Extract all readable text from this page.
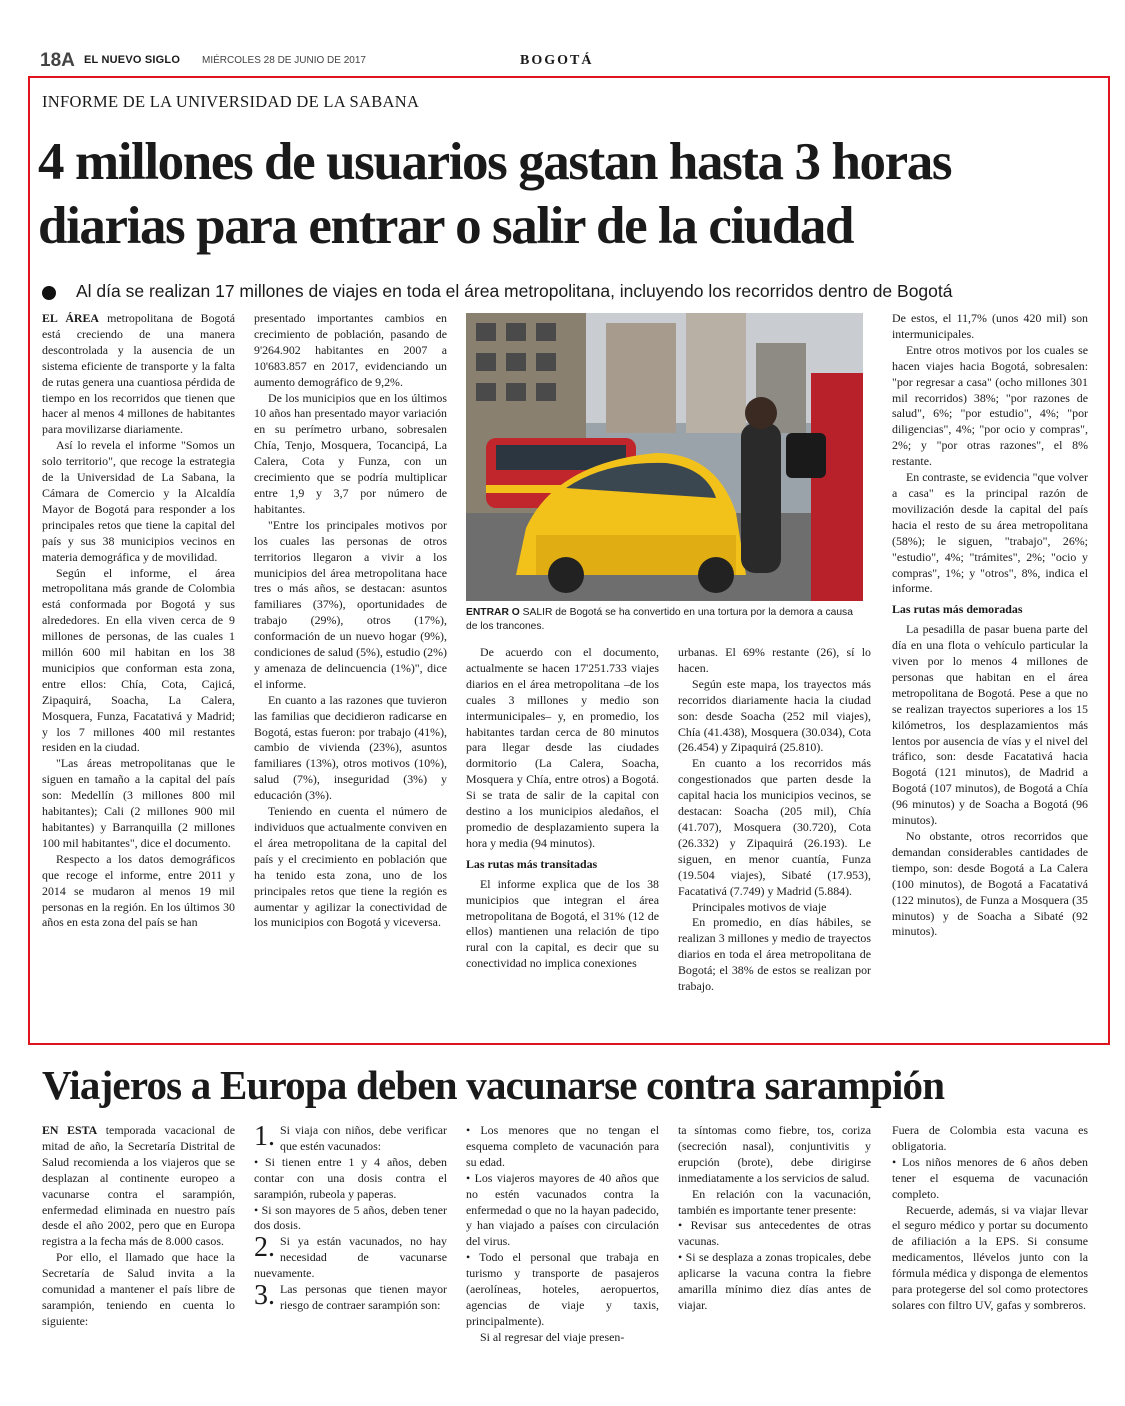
18A EL NUEVO SIGLO MIÉRCOLES 28 DE JUNIO DE 2017	BOGOTÁ
INFORME DE LA UNIVERSIDAD DE LA SABANA
4 millones de usuarios gastan hasta 3 horas
diarias para entrar o salir de la ciudad
Al día se realizan 17 millones de viajes en toda el área metropolitana, incluyendo los recorridos dentro de Bogotá

EL ÁREA metropolitana de Bogotá está creciendo de una manera descontrolada y la ausencia de un sistema eficiente de transporte y la falta de rutas genera una cuantiosa pérdida de tiempo en los recorridos que tienen que hacer al menos 4 millones de habitantes para movilizarse diariamente.

Así lo revela el informe "Somos un solo territorio", que recoge la estrategia de la Universidad de La Sabana, la Cámara de Comercio y la Alcaldía Mayor de Bogotá para responder a los principales retos que tiene la capital del país y sus 38 municipios vecinos en materia demográfica y de movilidad.

Según el informe, el área metropolitana más grande de Colombia está conformada por Bogotá y sus alrededores. En ella viven cerca de 9 millones de personas, de las cuales 1 millón 600 mil habitan en los 38 municipios que conforman esta zona, entre ellos: Chía, Cota, Cajicá, Zipaquirá, Soacha, La Calera, Mosquera, Funza, Facatativá y Madrid; y los 7 millones 400 mil restantes residen en la ciudad.

"Las áreas metropolitanas que le siguen en tamaño a la capital del país son: Medellín (3 millones 800 mil habitantes); Cali (2 millones 900 mil habitantes) y Barranquilla (2 millones 100 mil habitantes", dice el documento.

Respecto a los datos demográficos que recoge el informe, entre 2011 y 2014 se mudaron al menos 19 mil personas en la región. En los últimos 30 años en esta zona del país se han

presentado importantes cambios en crecimiento de población, pasando de 9'264.902 habitantes en 2007 a 10'683.857 en 2017, evidenciando un aumento demográfico de 9,2%.

De los municipios que en los últimos 10 años han presentado mayor variación en su perímetro urbano, sobresalen Chía, Tenjo, Mosquera, Tocancipá, La Calera, Cota y Funza, con un crecimiento que se podría multiplicar entre 1,9 y 3,7 por número de habitantes.

"Entre los principales motivos por los cuales las personas de otros territorios llegaron a vivir a los municipios del área metropolitana hace tres o más años, se destacan: asuntos familiares (37%), oportunidades de trabajo (29%), otros (17%), conformación de un nuevo hogar (9%), condiciones de salud (5%), estudio (2%) y amenaza de delincuencia (1%)", dice el informe.

En cuanto a las razones que tuvieron las familias que decidieron radicarse en Bogotá, estas fueron: por trabajo (41%), cambio de vivienda (23%), asuntos familiares (13%), otros motivos (10%), salud (7%), inseguridad (3%) y educación (3%).

Teniendo en cuenta el número de individuos que actualmente conviven en el área metropolitana de la capital del país y el crecimiento en población que ha tenido esta zona, uno de los principales retos que tiene la región es aumentar y agilizar la conectividad de los municipios con Bogotá y viceversa.

ENTRAR O SALIR de Bogotá se ha convertido en una tortura por la demora a causa de los trancones.

De acuerdo con el documento, actualmente se hacen 17'251.733 viajes diarios en el área metropolitana –de los cuales 3 millones y medio son intermunicipales– y, en promedio, los habitantes tardan cerca de 80 minutos para llegar desde las ciudades dormitorio (La Calera, Soacha, Mosquera y Chía, entre otros) a Bogotá. Si se trata de salir de la capital con destino a los municipios aledaños, el promedio de desplazamiento supera la hora y media (94 minutos).

Las rutas más transitadas

El informe explica que de los 38 municipios que integran el área metropolitana de Bogotá, el 31% (12 de ellos) mantienen una relación de tipo rural con la capital, es decir que su conectividad no implica conexiones

urbanas. El 69% restante (26), sí lo hacen.

Según este mapa, los trayectos más recorridos diariamente hacia la ciudad son: desde Soacha (252 mil viajes), Chía (41.438), Mosquera (30.034), Cota (26.454) y Zipaquirá (25.810).

En cuanto a los recorridos más congestionados que parten desde la capital hacia los municipios vecinos, se destacan: Soacha (205 mil), Chía (41.707), Mosquera (30.720), Cota (26.332) y Zipaquirá (26.193). Le siguen, en menor cuantía, Funza (19.504 viajes), Sibaté (17.953), Facatativá (7.749) y Madrid (5.884).

Principales motivos de viaje

En promedio, en días hábiles, se realizan 3 millones y medio de trayectos diarios en toda el área metropolitana de Bogotá; el 38% de estos se realizan por trabajo.

De estos, el 11,7% (unos 420 mil) son intermunicipales.

Entre otros motivos por los cuales se hacen viajes hacia Bogotá, sobresalen: "por regresar a casa" (ocho millones 301 mil recorridos) 38%; "por razones de salud", 6%; "por estudio", 4%; "por diligencias", 4%; "por ocio y compras", 2%; y "por otras razones", el 8% restante.

En contraste, se evidencia "que volver a casa" es la principal razón de movilización desde la capital del país hacia el resto de su área metropolitana (58%); le siguen, "trabajo", 26%; "estudio", 4%; "trámites", 2%; "ocio y compras", 1%; y "otros", 8%, indica el informe.

Las rutas más demoradas

La pesadilla de pasar buena parte del día en una flota o vehículo particular la viven por lo menos 4 millones de personas que habitan en el área metropolitana de Bogotá. Pese a que no se realizan trayectos superiores a los 15 kilómetros, los desplazamientos más lentos por ausencia de vías y el nivel del tráfico, son: desde Facatativá hacia Bogotá (121 minutos), de Madrid a Bogotá (107 minutos), de Bogotá a Chía (96 minutos) y de Soacha a Bogotá (96 minutos).

No obstante, otros recorridos que demandan considerables cantidades de tiempo, son: desde Bogotá a La Calera (100 minutos), de Bogotá a Facatativá (122 minutos), de Funza a Mosquera (35 minutos) y de Soacha a Sibaté (92 minutos).

Viajeros a Europa deben vacunarse contra sarampión

EN ESTA temporada vacacional de mitad de año, la Secretaría Distrital de Salud recomienda a los viajeros que se desplazan al continente europeo a vacunarse contra el sarampión, enfermedad eliminada en nuestro país desde el año 2002, pero que en Europa registra a la fecha más de 8.000 casos.

Por ello, el llamado que hace la Secretaría de Salud invita a la comunidad a mantener el país libre de sarampión, teniendo en cuenta lo siguiente:

1. Si viaja con niños, debe verificar que estén vacunados:

• Si tienen entre 1 y 4 años, deben contar con una dosis contra el sarampión, rubeola y paperas.

• Si son mayores de 5 años, deben tener dos dosis.

2. Si ya están vacunados, no hay necesidad de vacunarse nuevamente.

3. Las personas que tienen mayor riesgo de contraer sarampión son:

• Los menores que no tengan el esquema completo de vacunación para su edad.

• Los viajeros mayores de 40 años que no estén vacunados contra la enfermedad o que no la hayan padecido, y han viajado a países con circulación del virus.

• Todo el personal que trabaja en turismo y transporte de pasajeros (aerolíneas, hoteles, aeropuertos, agencias de viaje y taxis, principalmente).

Si al regresar del viaje presen-

ta síntomas como fiebre, tos, coriza (secreción nasal), conjuntivitis y erupción (brote), debe dirigirse inmediatamente a los servicios de salud.

En relación con la vacunación, también es importante tener presente:

• Revisar sus antecedentes de otras vacunas.

• Si se desplaza a zonas tropicales, debe aplicarse la vacuna contra la fiebre amarilla mínimo diez días antes de viajar.

Fuera de Colombia esta vacuna es obligatoria.

• Los niños menores de 6 años deben tener el esquema de vacunación completo.

Recuerde, además, si va viajar llevar el seguro médico y portar su documento de afiliación a la EPS. Si consume medicamentos, llévelos junto con la fórmula médica y disponga de elementos para protegerse del sol como protectores solares con filtro UV, gafas y sombreros.
